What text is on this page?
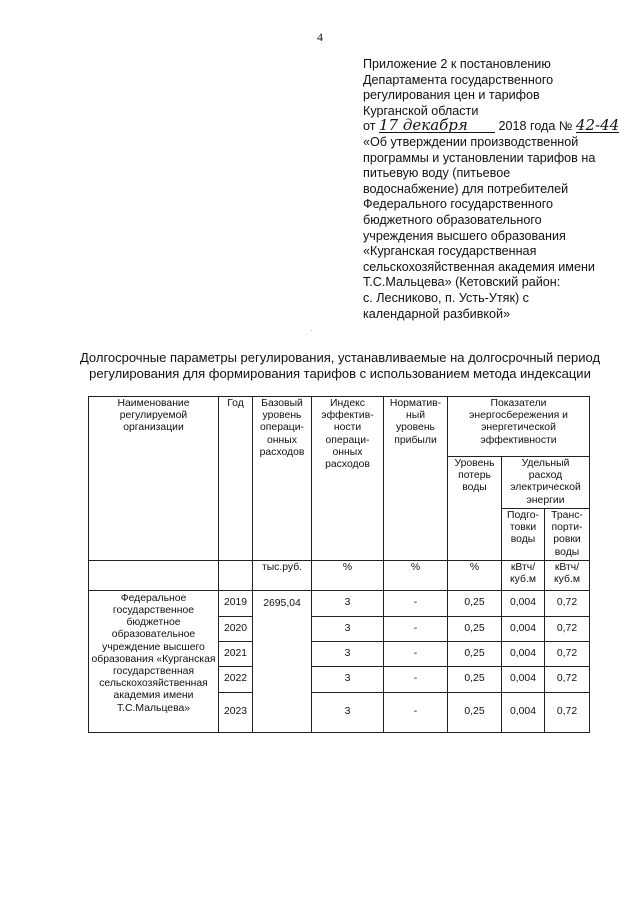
4
Приложение 2 к постановлению
Департамента государственного
регулирования цен и тарифов
Курганской области
от 17 декабря 2018 года № 42-44
«Об утверждении производственной
программы и установлении тарифов на
питьевую воду (питьевое
водоснабжение) для потребителей
Федерального государственного
бюджетного образовательного
учреждения высшего образования
«Курганская государственная
сельскохозяйственная академия имени
Т.С.Мальцева» (Кетовский район:
с. Лесниково, п. Усть-Утяк) с
календарной разбивкой»
Долгосрочные параметры регулирования, устанавливаемые на долгосрочный период
регулирования для формирования тарифов с использованием метода индексации
Наименование регулируемой организации	Год	Базовый уровень операци-онных расходов	Индекс эффектив-ности операци-онных расходов	Норматив-ный уровень прибыли	Показатели энергосбережения и энергетической эффективности		
					Уровень потерь воды	Удельный расход электрической энергии	
						Подго-товки воды	Транс-порти-ровки воды
		тыс.руб.	%	%	%	кВтч/ куб.м	кВтч/ куб.м
Федеральное государственное бюджетное образовательное учреждение высшего образования «Курганская государственная сельскохозяйственная академия имени Т.С.Мальцева»	2019	2695,04	3	-	0,25	0,004	0,72
	2020		3	-	0,25	0,004	0,72
	2021		3	-	0,25	0,004	0,72
	2022		3	-	0,25	0,004	0,72
	2023		3	-	0,25	0,004	0,72
